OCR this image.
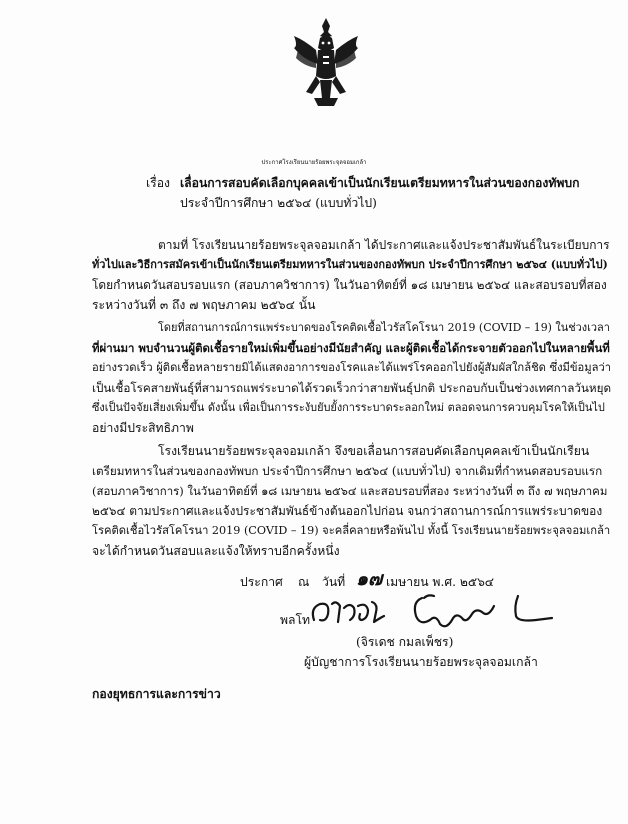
ประกาศโรงเรียนนายร้อยพระจุลจอมเกล้า
เรื่อง เลื่อนการสอบคัดเลือกบุคคลเข้าเป็นนักเรียนเตรียมทหารในส่วนของกองทัพบก
ประจำปีการศึกษา ๒๕๖๔ (แบบทั่วไป)
ตามที่ โรงเรียนนายร้อยพระจุลจอมเกล้า ได้ประกาศและแจ้งประชาสัมพันธ์ในระเบียบการ
ทั่วไปและวิธีการสมัครเข้าเป็นนักเรียนเตรียมทหารในส่วนของกองทัพบก ประจำปีการศึกษา ๒๕๖๔ (แบบทั่วไป)
โดยกำหนดวันสอบรอบแรก (สอบภาควิชาการ) ในวันอาทิตย์ที่ ๑๘ เมษายน ๒๕๖๔ และสอบรอบที่สอง
ระหว่างวันที่ ๓ ถึง ๗ พฤษภาคม ๒๕๖๔ นั้น
โดยที่สถานการณ์การแพร่ระบาดของโรคติดเชื้อไวรัสโคโรนา 2019 (COVID – 19) ในช่วงเวลา
ที่ผ่านมา พบจำนวนผู้ติดเชื้อรายใหม่เพิ่มขึ้นอย่างมีนัยสำคัญ และผู้ติดเชื้อได้กระจายตัวออกไปในหลายพื้นที่
อย่างรวดเร็ว ผู้ติดเชื้อหลายรายมิได้แสดงอาการของโรคและได้แพร่โรคออกไปยังผู้สัมผัสใกล้ชิด ซึ่งมีข้อมูลว่า
เป็นเชื้อโรคสายพันธุ์ที่สามารถแพร่ระบาดได้รวดเร็วกว่าสายพันธุ์ปกติ ประกอบกับเป็นช่วงเทศกาลวันหยุด
ซึ่งเป็นปัจจัยเสี่ยงเพิ่มขึ้น ดังนั้น เพื่อเป็นการระงับยับยั้งการระบาดระลอกใหม่ ตลอดจนการควบคุมโรคให้เป็นไป
อย่างมีประสิทธิภาพ
โรงเรียนนายร้อยพระจุลจอมเกล้า จึงขอเลื่อนการสอบคัดเลือกบุคคลเข้าเป็นนักเรียน
เตรียมทหารในส่วนของกองทัพบก ประจำปีการศึกษา ๒๕๖๔ (แบบทั่วไป) จากเดิมที่กำหนดสอบรอบแรก
(สอบภาควิชาการ) ในวันอาทิตย์ที่ ๑๘ เมษายน ๒๕๖๔ และสอบรอบที่สอง ระหว่างวันที่ ๓ ถึง ๗ พฤษภาคม
๒๕๖๔ ตามประกาศและแจ้งประชาสัมพันธ์ข้างต้นออกไปก่อน จนกว่าสถานการณ์การแพร่ระบาดของ
โรคติดเชื้อไวรัสโคโรนา 2019 (COVID – 19) จะคลี่คลายหรือพ้นไป ทั้งนี้ โรงเรียนนายร้อยพระจุลจอมเกล้า
จะได้กำหนดวันสอบและแจ้งให้ทราบอีกครั้งหนึ่ง
ประกาศ ณ วันที่ ๑๗ เมษายน พ.ศ. ๒๕๖๔
พลโท
(จิรเดช กมลเพ็ชร)
ผู้บัญชาการโรงเรียนนายร้อยพระจุลจอมเกล้า
กองยุทธการและการข่าว
